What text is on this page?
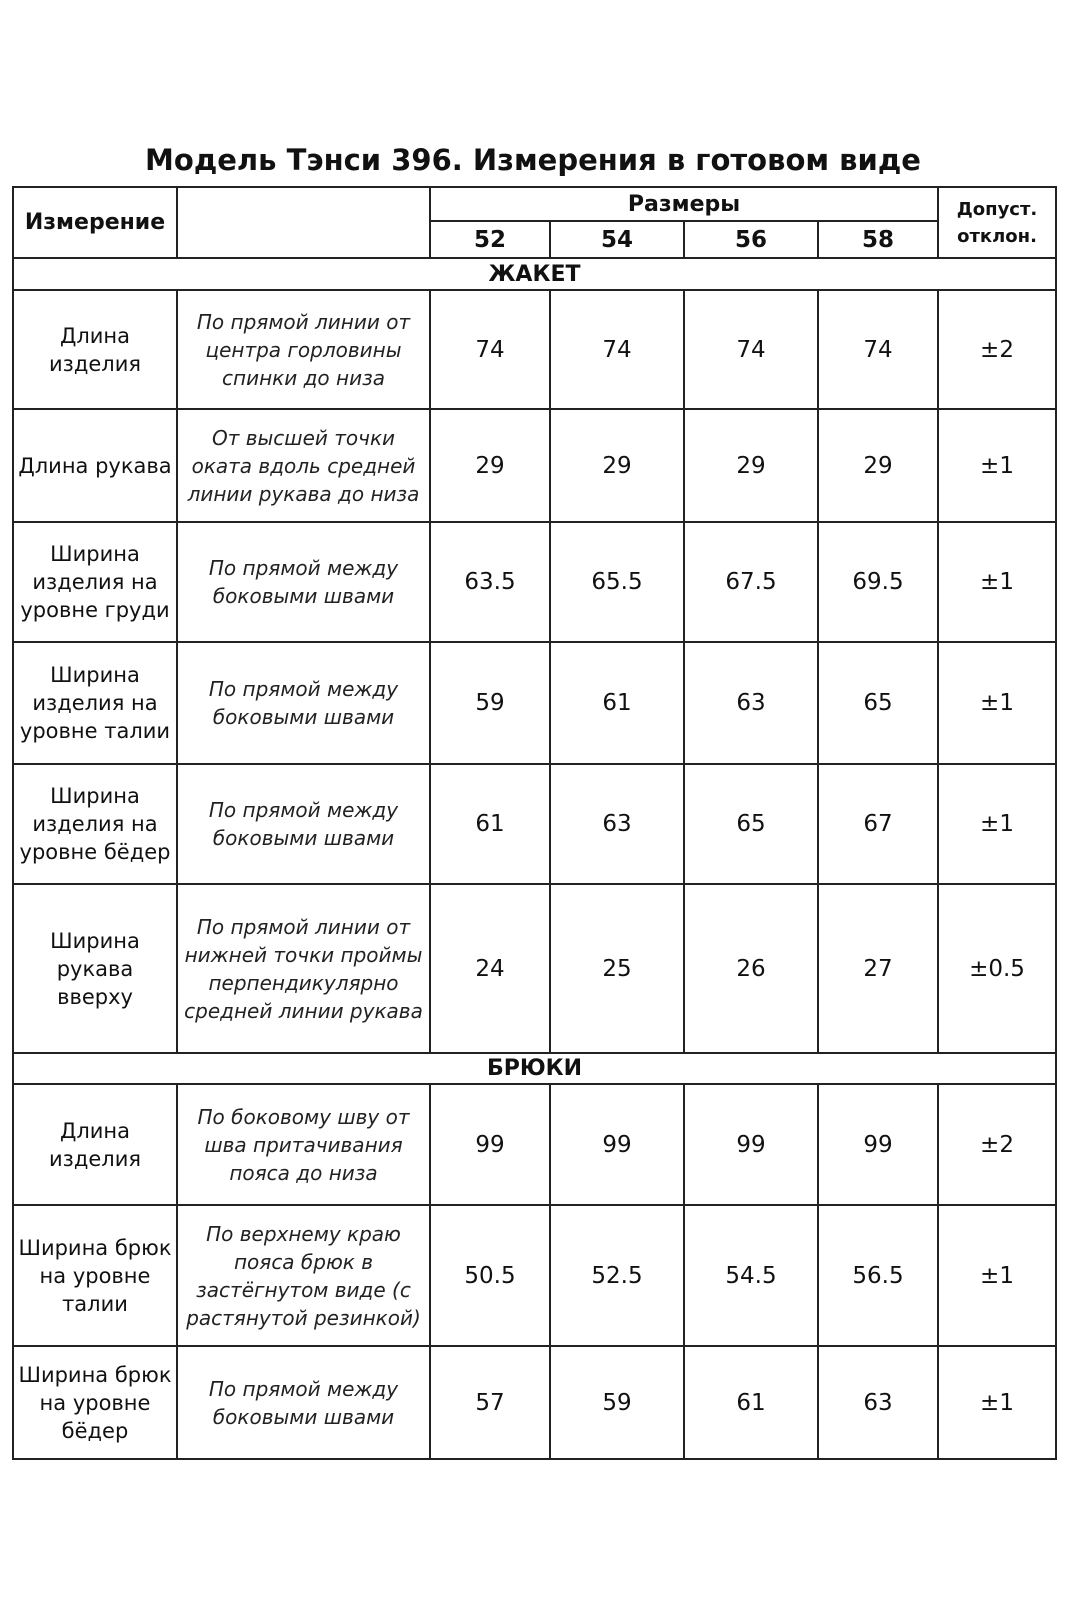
Модель Тэнси 396. Измерения в готовом виде
Измерение		Размеры				Допуст.
отклон.

		52	54	56	58	
ЖАКЕТ						
Длина изделия	По прямой линии от центра горловины спинки до низа	74	74	74	74	±2
Длина рукава	От высшей точки оката вдоль средней линии рукава до низа	29	29	29	29	±1
Ширина изделия на уровне груди	По прямой между боковыми швами	63.5	65.5	67.5	69.5	±1
Ширина изделия на уровне талии	По прямой между боковыми швами	59	61	63	65	±1
Ширина изделия на уровне бёдер	По прямой между боковыми швами	61	63	65	67	±1
Ширина рукава вверху	По прямой линии от нижней точки проймы перпендикулярно средней линии рукава	24	25	26	27	±0.5
БРЮКИ						
Длина изделия	По боковому шву от шва притачивания пояса до низа	99	99	99	99	±2
Ширина брюк на уровне талии	По верхнему краю пояса брюк в застёгнутом виде (с растянутой резинкой)	50.5	52.5	54.5	56.5	±1
Ширина брюк на уровне бёдер	По прямой между боковыми швами	57	59	61	63	±1
